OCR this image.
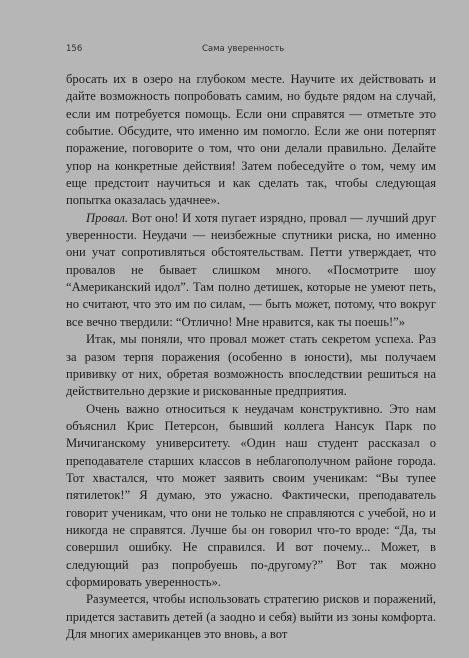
156	Сама уверенность

бросать их в озеро на глубоком месте. Научите их действовать и дайте возможность попробовать самим, но будьте рядом на случай, если им потребуется помощь. Если они справятся — отметьте это событие. Обсудите, что именно им помогло. Если же они потерпят поражение, поговорите о том, что они делали правильно. Делайте упор на конкретные действия! Затем побеседуйте о том, чему им еще предстоит научиться и как сделать так, чтобы следующая попытка оказалась удачнее».

Провал. Вот оно! И хотя пугает изрядно, провал — лучший друг уверенности. Неудачи — неизбежные спутники риска, но именно они учат сопротивляться обстоятельствам. Петти утверждает, что провалов не бывает слишком много. «Посмотрите шоу “Американский идол”. Там полно детишек, которые не умеют петь, но считают, что это им по силам, — быть может, потому, что вокруг все вечно твердили: “Отлично! Мне нравится, как ты поешь!”»

Итак, мы поняли, что провал может стать секретом успеха. Раз за разом терпя поражения (особенно в юности), мы получаем прививку от них, обретая возможность впоследствии решиться на действительно дерзкие и рискованные предприятия.

Очень важно относиться к неудачам конструктивно. Это нам объяснил Крис Петерсон, бывший коллега Нансук Парк по Мичиганскому университету. «Один наш студент рассказал о преподавателе старших классов в неблагополучном районе города. Тот хвастался, что может заявить своим ученикам: “Вы тупее пятилеток!” Я думаю, это ужасно. Фактически, преподаватель говорит ученикам, что они не только не справляются с учебой, но и никогда не справятся. Лучше бы он говорил что-то вроде: “Да, ты совершил ошибку. Не справился. И вот почему... Может, в следующий раз попробуешь по-другому?” Вот так можно сформировать уверенность».

Разумеется, чтобы использовать стратегию рисков и поражений, придется заставить детей (а заодно и себя) выйти из зоны комфорта. Для многих американцев это вновь, а вот
